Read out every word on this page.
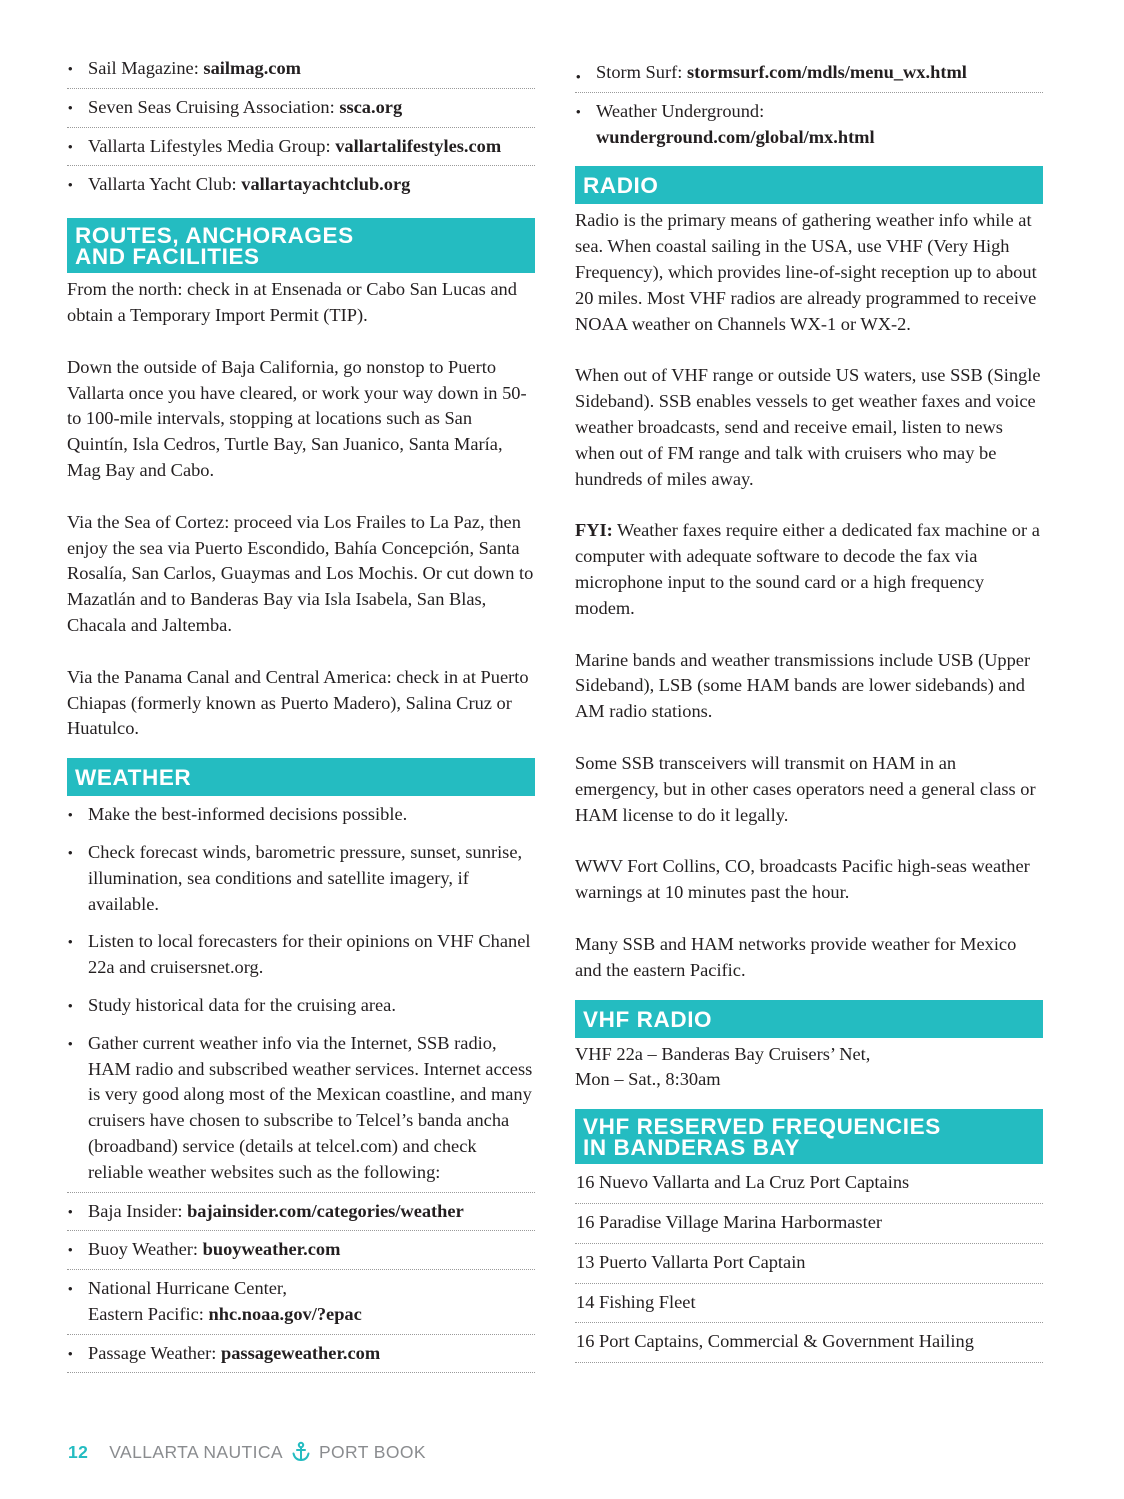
• Sail Magazine: sailmag.com
• Seven Seas Cruising Association: ssca.org
• Vallarta Lifestyles Media Group: vallartalifestyles.com
• Vallarta Yacht Club: vallartayachtclub.org
ROUTES, ANCHORAGES
AND FACILITIES

From the north: check in at Ensenada or Cabo San Lucas and obtain a Temporary Import Permit (TIP).

Down the outside of Baja California, go nonstop to Puerto Vallarta once you have cleared, or work your way down in 50- to 100-mile intervals, stopping at locations such as San Quintín, Isla Cedros, Turtle Bay, San Juanico, Santa María, Mag Bay and Cabo.

Via the Sea of Cortez: proceed via Los Frailes to La Paz, then enjoy the sea via Puerto Escondido, Bahía Concepción, Santa Rosalía, San Carlos, Guaymas and Los Mochis. Or cut down to Mazatlán and to Banderas Bay via Isla Isabela, San Blas, Chacala and Jaltemba.

Via the Panama Canal and Central America: check in at Puerto Chiapas (formerly known as Puerto Madero), Salina Cruz or Huatulco.

WEATHER
• Make the best-informed decisions possible.
• Check forecast winds, barometric pressure, sunset, sunrise, illumination, sea conditions and satellite imagery, if available.
• Listen to local forecasters for their opinions on VHF Chanel 22a and cruisersnet.org.
• Study historical data for the cruising area.
• Gather current weather info via the Internet, SSB radio, HAM radio and subscribed weather services. Internet access is very good along most of the Mexican coastline, and many cruisers have chosen to subscribe to Telcel’s banda ancha (broadband) service (details at telcel.com) and check reliable weather websites such as the following:
• Baja Insider: bajainsider.com/categories/weather
• Buoy Weather: buoyweather.com
• National Hurricane Center,
Eastern Pacific: nhc.noaa.gov/?epac
• Passage Weather: passageweather.com
• Storm Surf: stormsurf.com/mdls/menu_wx.html
• Weather Underground:
wunderground.com/global/mx.html
RADIO

Radio is the primary means of gathering weather info while at sea. When coastal sailing in the USA, use VHF (Very High Frequency), which provides line-of-sight reception up to about 20 miles. Most VHF radios are already programmed to receive NOAA weather on Channels WX-1 or WX-2.

When out of VHF range or outside US waters, use SSB (Single Sideband). SSB enables vessels to get weather faxes and voice weather broadcasts, send and receive email, listen to news when out of FM range and talk with cruisers who may be hundreds of miles away.

FYI: Weather faxes require either a dedicated fax machine or a computer with adequate software to decode the fax via microphone input to the sound card or a high frequency modem.

Marine bands and weather transmissions include USB (Upper Sideband), LSB (some HAM bands are lower sidebands) and AM radio stations.

Some SSB transceivers will transmit on HAM in an emergency, but in other cases operators need a general class or HAM license to do it legally.

WWV Fort Collins, CO, broadcasts Pacific high-seas weather warnings at 10 minutes past the hour.

Many SSB and HAM networks provide weather for Mexico and the eastern Pacific.

VHF RADIO

VHF 22a – Banderas Bay Cruisers’ Net,
Mon – Sat., 8:30am

VHF RESERVED FREQUENCIES
IN BANDERAS BAY
16 Nuevo Vallarta and La Cruz Port Captains
16 Paradise Village Marina Harbormaster
13 Puerto Vallarta Port Captain
14 Fishing Fleet
16 Port Captains, Commercial & Government Hailing
12 VALLARTA NAUTICA PORT BOOK
